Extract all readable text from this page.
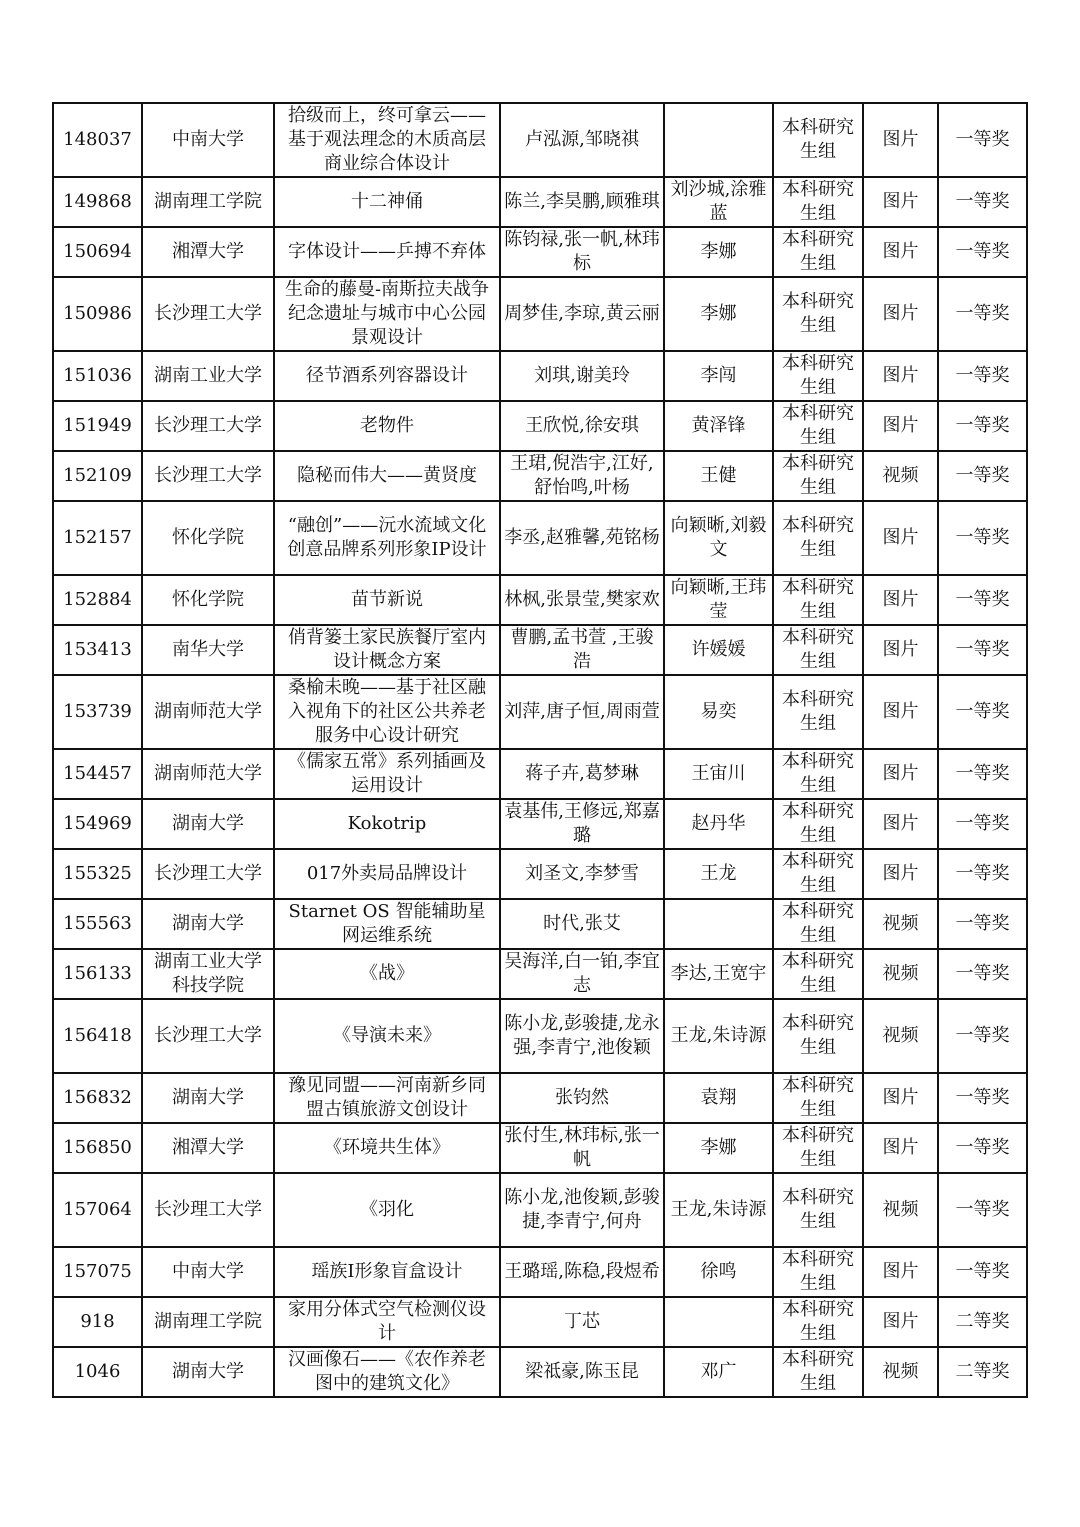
148037	中南大学	拾级而上，终可拿云——基于观法理念的木质高层商业综合体设计	卢泓源,邹晓祺		本科研究生组	图片	一等奖
149868	湖南理工学院	十二神俑	陈兰,李昊鹏,顾雅琪	刘沙城,涂雅蓝	本科研究生组	图片	一等奖
150694	湘潭大学	字体设计——乒搏不弃体	陈钧禄,张一帆,林玮标	李娜	本科研究生组	图片	一等奖
150986	长沙理工大学	生命的藤曼-南斯拉夫战争纪念遗址与城市中心公园景观设计	周梦佳,李琼,黄云丽	李娜	本科研究生组	图片	一等奖
151036	湖南工业大学	径节酒系列容器设计	刘琪,谢美玲	李闯	本科研究生组	图片	一等奖
151949	长沙理工大学	老物件	王欣悦,徐安琪	黄泽锋	本科研究生组	图片	一等奖
152109	长沙理工大学	隐秘而伟大——黄贤度	王珺,倪浩宇,江好,舒怡鸣,叶杨	王健	本科研究生组	视频	一等奖
152157	怀化学院	“融创”——沅水流域文化创意品牌系列形象IP设计	李丞,赵雅馨,苑铭杨	向颖晰,刘毅文	本科研究生组	图片	一等奖
152884	怀化学院	苗节新说	林枫,张景莹,樊家欢	向颖晰,王玮莹	本科研究生组	图片	一等奖
153413	南华大学	俏背篓土家民族餐厅室内设计概念方案	曹鹏,孟书萱 ,王骏浩	许媛媛	本科研究生组	图片	一等奖
153739	湖南师范大学	桑榆未晚——基于社区融入视角下的社区公共养老服务中心设计研究	刘萍,唐子恒,周雨萱	易奕	本科研究生组	图片	一等奖
154457	湖南师范大学	《儒家五常》系列插画及运用设计	蒋子卉,葛梦琳	王宙川	本科研究生组	图片	一等奖
154969	湖南大学	Kokotrip	袁基伟,王修远,郑嘉璐	赵丹华	本科研究生组	图片	一等奖
155325	长沙理工大学	017外卖局品牌设计	刘圣文,李梦雪	王龙	本科研究生组	图片	一等奖
155563	湖南大学	Starnet OS 智能辅助星网运维系统	时代,张艾		本科研究生组	视频	一等奖
156133	湖南工业大学科技学院	《战》	吴海洋,白一铂,李宜志	李达,王宽宇	本科研究生组	视频	一等奖
156418	长沙理工大学	《导演未来》	陈小龙,彭骏捷,龙永强,李青宁,池俊颖	王龙,朱诗源	本科研究生组	视频	一等奖
156832	湖南大学	豫见同盟——河南新乡同盟古镇旅游文创设计	张钧然	袁翔	本科研究生组	图片	一等奖
156850	湘潭大学	《环境共生体》	张付生,林玮标,张一帆	李娜	本科研究生组	图片	一等奖
157064	长沙理工大学	《羽化	陈小龙,池俊颖,彭骏捷,李青宁,何舟	王龙,朱诗源	本科研究生组	视频	一等奖
157075	中南大学	瑶族I形象盲盒设计	王璐瑶,陈稳,段煜希	徐鸣	本科研究生组	图片	一等奖
918	湖南理工学院	家用分体式空气检测仪设计	丁芯		本科研究生组	图片	二等奖
1046	湖南大学	汉画像石——《农作养老图中的建筑文化》	梁祗豪,陈玉昆	邓广	本科研究生组	视频	二等奖
